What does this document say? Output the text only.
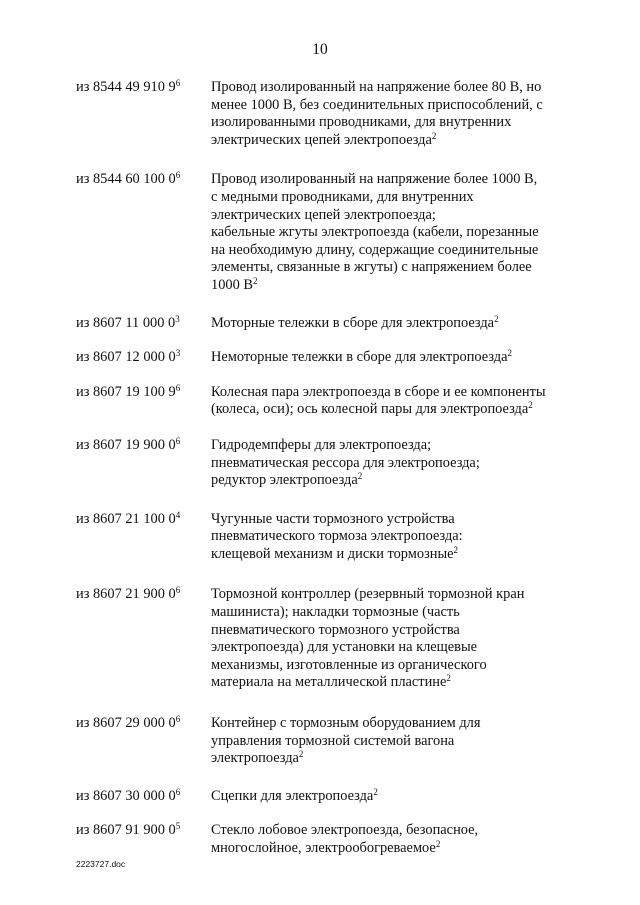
10
из 8544 49 910 $9^6$	Провод изолированный на напряжение более 80 В, но
менее 1000 В, без соединительных приспособлений, с
изолированными проводниками, для внутренних
электрических цепей электропоезда$^2$
из 8544 60 100 $0^6$	Провод изолированный на напряжение более 1000 В,
с медными проводниками, для внутренних
электрических цепей электропоезда;
кабельные жгуты электропоезда (кабели, порезанные
на необходимую длину, содержащие соединительные
элементы, связанные в жгуты) с напряжением более
1000 $В^2$
из 8607 11 000 $0^3$	Моторные тележки в сборе для электропоезда$^2$
из 8607 12 000 $0^3$	Немоторные тележки в сборе для электропоезда$^2$
из 8607 19 100 $9^6$	Колесная пара электропоезда в сборе и ее компоненты
(колеса, оси); ось колесной пары для электропоезда$^2$
из 8607 19 900 $0^6$	Гидродемпферы для электропоезда;
пневматическая рессора для электропоезда;
редуктор электропоезда$^2$
из 8607 21 100 $0^4$	Чугунные части тормозного устройства
пневматического тормоза электропоезда:
клещевой механизм и диски тормозные$^2$
из 8607 21 900 $0^6$	Тормозной контроллер (резервный тормозной кран
машиниста); накладки тормозные (часть
пневматического тормозного устройства
электропоезда) для установки на клещевые
механизмы, изготовленные из органического
материала на металлической пластине$^2$
из 8607 29 000 $0^6$	Контейнер с тормозным оборудованием для
управления тормозной системой вагона
электропоезда$^2$
из 8607 30 000 $0^6$	Сцепки для электропоезда$^2$
из 8607 91 900 $0^5$	Стекло лобовое электропоезда, безопасное,
многослойное, электрообогреваемое$^2$
2223727.doc
